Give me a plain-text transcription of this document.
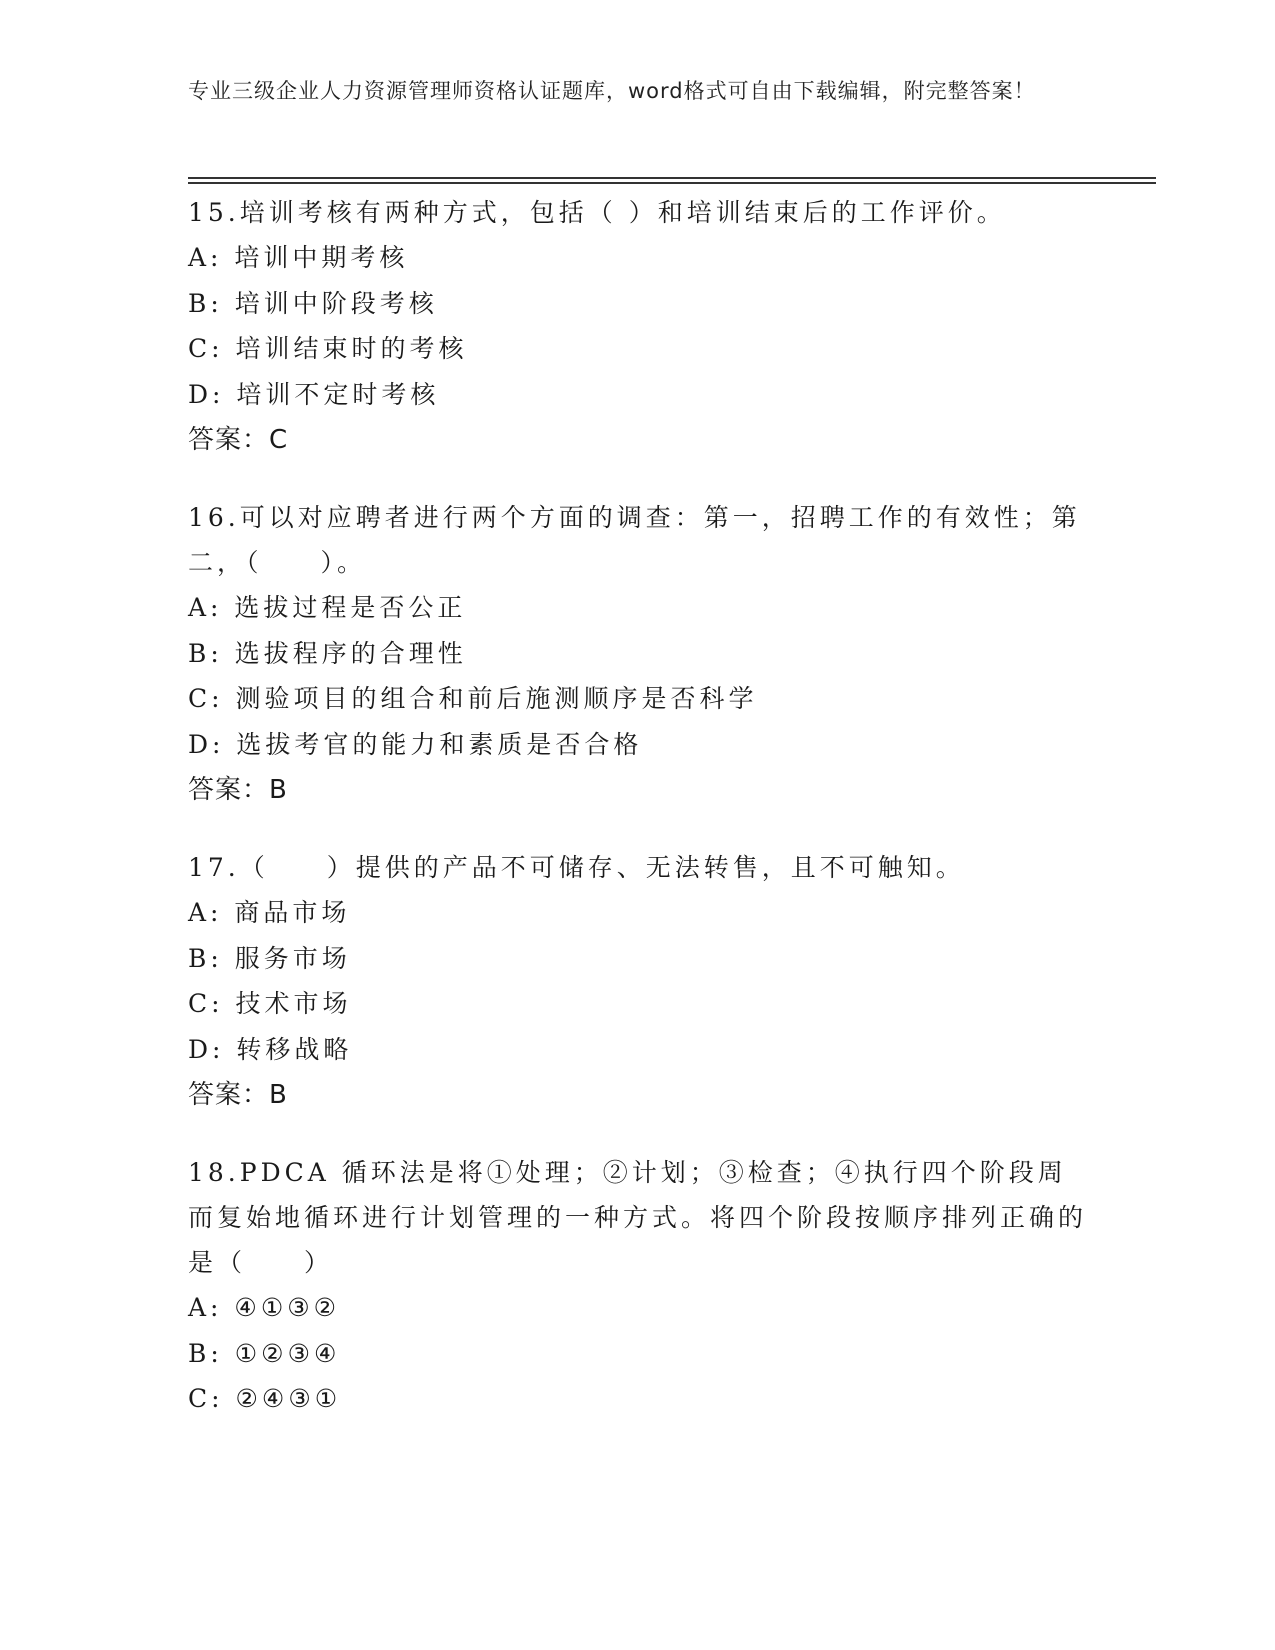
专业三级企业人力资源管理师资格认证题库，word格式可自由下载编辑，附完整答案！
15.培训考核有两种方式，包括（ ）和培训结束后的工作评价。
A: 培训中期考核
B: 培训中阶段考核
C: 培训结束时的考核
D: 培训不定时考核
答案：C
16.可以对应聘者进行两个方面的调查：第一，招聘工作的有效性；第二，（　　）。
A: 选拔过程是否公正
B: 选拔程序的合理性
C: 测验项目的组合和前后施测顺序是否科学
D: 选拔考官的能力和素质是否合格
答案：B
17.（　　）提供的产品不可储存、无法转售，且不可触知。
A: 商品市场
B: 服务市场
C: 技术市场
D: 转移战略
答案：B
18.PDCA 循环法是将①处理；②计划；③检查；④执行四个阶段周而复始地循环进行计划管理的一种方式。将四个阶段按顺序排列正确的是（　　）
A: ④①③②
B: ①②③④
C: ②④③①
